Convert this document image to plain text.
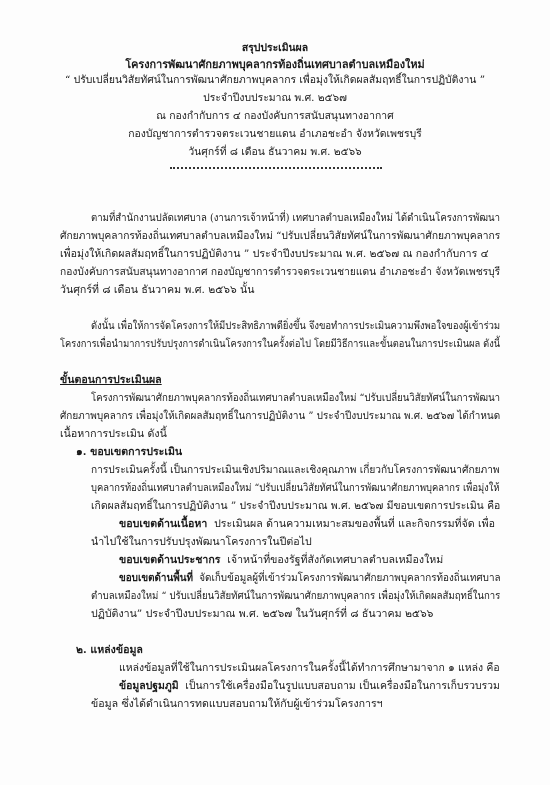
สรุปประเมินผล
โครงการพัฒนาศักยภาพบุคลากรท้องถิ่นเทศบาลตำบลเหมืองใหม่
“ ปรับเปลี่ยนวิสัยทัศน์ในการพัฒนาศักยภาพบุคลากร เพื่อมุ่งให้เกิดผลสัมฤทธิ์ในการปฏิบัติงาน ”
ประจำปีงบประมาณ พ.ศ. ๒๕๖๗
ณ กองกำกับการ ๔ กองบังคับการสนับสนุนทางอากาศ
กองบัญชาการตำรวจตระเวนชายแดน อำเภอชะอำ จังหวัดเพชรบุรี
วันศุกร์ที่ ๘ เดือน ธันวาคม พ.ศ. ๒๕๖๖
ตามที่สำนักงานปลัดเทศบาล (งานการเจ้าหน้าที่) เทศบาลตำบลเหมืองใหม่ ได้ดำเนินโครงการพัฒนา
ศักยภาพบุคลากรท้องถิ่นเทศบาลตำบลเหมืองใหม่ “ปรับเปลี่ยนวิสัยทัศน์ในการพัฒนาศักยภาพบุคลากร
เพื่อมุ่งให้เกิดผลสัมฤทธิ์ในการปฏิบัติงาน ” ประจำปีงบประมาณ พ.ศ. ๒๕๖๗ ณ กองกำกับการ ๔
กองบังคับการสนับสนุนทางอากาศ กองบัญชาการตำรวจตระเวนชายแดน อำเภอชะอำ จังหวัดเพชรบุรี
วันศุกร์ที่ ๘ เดือน ธันวาคม พ.ศ. ๒๕๖๖ นั้น
ดังนั้น เพื่อให้การจัดโครงการให้มีประสิทธิภาพดียิ่งขึ้น จึงขอทำการประเมินความพึงพอใจของผู้เข้าร่วม
โครงการเพื่อนำมาการปรับปรุงการดำเนินโครงการในครั้งต่อไป โดยมีวิธีการและขั้นตอนในการประเมินผล ดังนี้
ขั้นตอนการประเมินผล
โครงการพัฒนาศักยภาพบุคลากรท้องถิ่นเทศบาลตำบลเหมืองใหม่ “ปรับเปลี่ยนวิสัยทัศน์ในการพัฒนา
ศักยภาพบุคลากร เพื่อมุ่งให้เกิดผลสัมฤทธิ์ในการปฏิบัติงาน ” ประจำปีงบประมาณ พ.ศ. ๒๕๖๗ ได้กำหนด
เนื้อหาการประเมิน ดังนี้
๑. ขอบเขตการประเมิน
การประเมินครั้งนี้ เป็นการประเมินเชิงปริมาณและเชิงคุณภาพ เกี่ยวกับโครงการพัฒนาศักยภาพ
บุคลากรท้องถิ่นเทศบาลตำบลเหมืองใหม่ “ปรับเปลี่ยนวิสัยทัศน์ในการพัฒนาศักยภาพบุคลากร เพื่อมุ่งให้
เกิดผลสัมฤทธิ์ในการปฏิบัติงาน ” ประจำปีงบประมาณ พ.ศ. ๒๕๖๗ มีขอบเขตการประเมิน คือ
ขอบเขตด้านเนื้อหา ประเมินผล ด้านความเหมาะสมของพื้นที่ และกิจกรรมที่จัด เพื่อ
นำไปใช้ในการปรับปรุงพัฒนาโครงการในปีต่อไป
ขอบเขตด้านประชากร เจ้าหน้าที่ของรัฐที่สังกัดเทศบาลตำบลเหมืองใหม่
ขอบเขตด้านพื้นที่ จัดเก็บข้อมูลผู้ที่เข้าร่วมโครงการพัฒนาศักยภาพบุคลากรท้องถิ่นเทศบาล
ตำบลเหมืองใหม่ “ ปรับเปลี่ยนวิสัยทัศน์ในการพัฒนาศักยภาพบุคลากร เพื่อมุ่งให้เกิดผลสัมฤทธิ์ในการ
ปฏิบัติงาน” ประจำปีงบประมาณ พ.ศ. ๒๕๖๗ ในวันศุกร์ที่ ๘ ธันวาคม ๒๕๖๖
๒. แหล่งข้อมูล
แหล่งข้อมูลที่ใช้ในการประเมินผลโครงการในครั้งนี้ได้ทำการศึกษามาจาก ๑ แหล่ง คือ
ข้อมูลปฐมภูมิ เป็นการใช้เครื่องมือในรูปแบบสอบถาม เป็นเครื่องมือในการเก็บรวบรวม
ข้อมูล ซึ่งได้ดำเนินการทดแบบสอบถามให้กับผู้เข้าร่วมโครงการฯ
